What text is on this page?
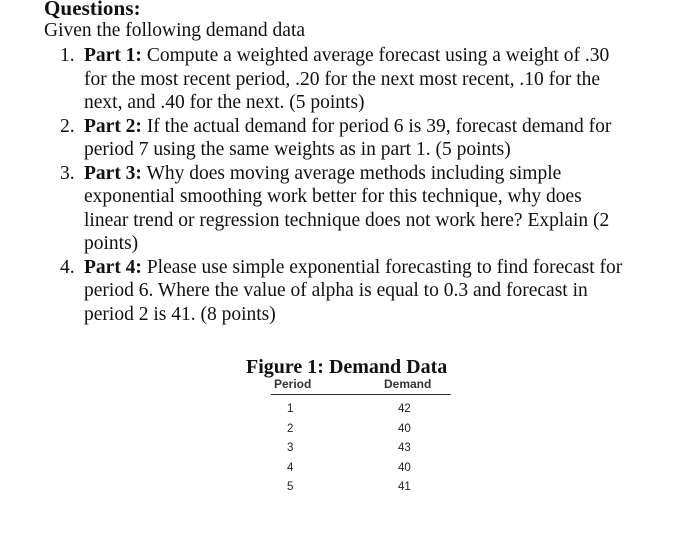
Questions:
Given the following demand data
1. Part 1: Compute a weighted average forecast using a weight of .30
for the most recent period, .20 for the next most recent, .10 for the
next, and .40 for the next. (5 points)
2. Part 2: If the actual demand for period 6 is 39, forecast demand for
period 7 using the same weights as in part 1. (5 points)
3. Part 3: Why does moving average methods including simple
exponential smoothing work better for this technique, why does
linear trend or regression technique does not work here? Explain (2
points)
4. Part 4: Please use simple exponential forecasting to find forecast for
period 6. Where the value of alpha is equal to 0.3 and forecast in
period 2 is 41. (8 points)
Figure 1: Demand Data
Period	Demand
1	42
2	40
3	43
4	40
5	41
